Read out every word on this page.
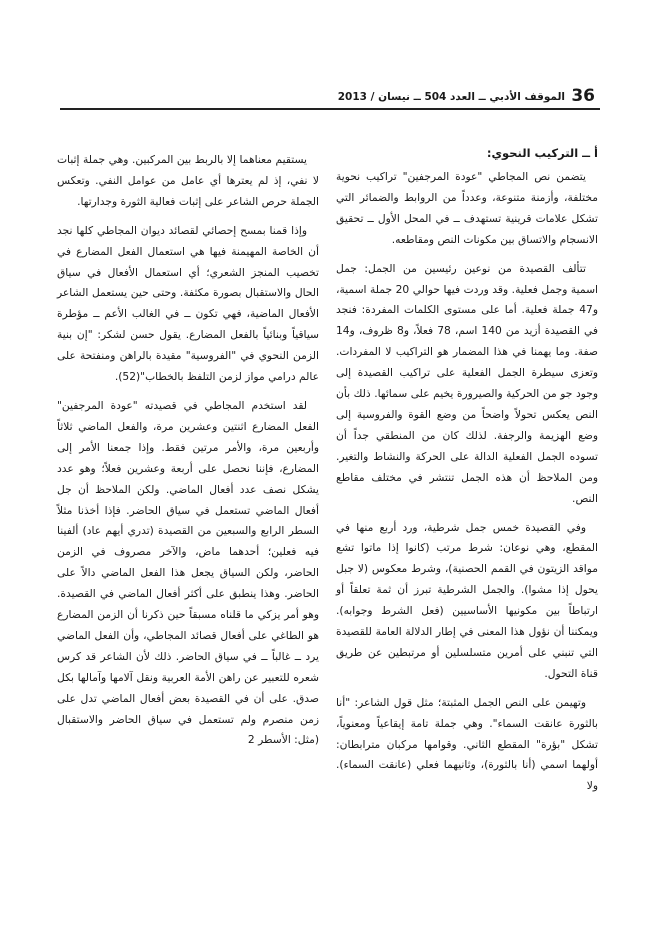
الموقف الأدبي ــ العدد 504 ــ نيسان / 2013 36
أ ــ التركيب النحوي:

يتضمن نص المجاطي "عودة المرجفين" تراكيب نحوية مختلفة، وأزمنة متنوعة، وعدداً من الروابط والضمائر التي تشكل علامات قرينية تستهدف ــ في المحل الأول ــ تحقيق الانسجام والاتساق بين مكونات النص ومقاطعه.

تتألف القصيدة من نوعين رئيسين من الجمل: جمل اسمية وجمل فعلية. وقد وردت فيها حوالي 20 جملة اسمية، و47 جملة فعلية. أما على مستوى الكلمات المفردة: فنجد في القصيدة أزيد من 140 اسم، 78 فعلاً، و8 ظروف، و14 صفة. وما يهمنا في هذا المضمار هو التراكيب لا المفردات. وتعزى سيطرة الجمل الفعلية على تراكيب القصيدة إلى وجود جو من الحركية والصيرورة يخيم على سمائها. ذلك بأن النص يعكس تحولاً واضحاً من وضع القوة والفروسية إلى وضع الهزيمة والرجفة. لذلك كان من المنطقي جداً أن تسوده الجمل الفعلية الدالة على الحركة والنشاط والتغير. ومن الملاحظ أن هذه الجمل تنتشر في مختلف مقاطع النص.

وفي القصيدة خمس جمل شرطية، ورد أربع منها في المقطع، وهي نوعان: شرط مرتب (كانوا إذا ماتوا تشع مواقد الزيتون في القمم الحصنية)، وشرط معكوس (لا جبل يحول إذا مشوا). والجمل الشرطية تبرز أن ثمة تعلقاً أو ارتباطاً بين مكونيها الأساسيين (فعل الشرط وجوابه). ويمكننا أن نؤول هذا المعنى في إطار الدلالة العامة للقصيدة التي تنبني على أمرين متسلسلين أو مرتبطين عن طريق قناة التحول.

وتهيمن على النص الجمل المثبتة؛ مثل قول الشاعر: "أنا بالثورة عانقت السماء". وهي جملة تامة إيقاعياً ومعنوياً، تشكل "بؤرة" المقطع الثاني. وقوامها مركبان مترابطان: أولهما اسمي (أنا بالثورة)، وثانيهما فعلي (عانقت السماء). ولا

يستقيم معناهما إلا بالربط بين المركبين. وهي جملة إثبات لا نفي، إذ لم يعترها أي عامل من عوامل النفي. وتعكس الجملة حرص الشاعر على إثبات فعالية الثورة وجدارتها.

وإذا قمنا بمسح إحصائي لقصائد ديوان المجاطي كلها نجد أن الخاصة المهيمنة فيها هي استعمال الفعل المضارع في تخصيب المنجز الشعري؛ أي استعمال الأفعال في سياق الحال والاستقبال بصورة مكثفة. وحتى حين يستعمل الشاعر الأفعال الماضية، فهي تكون ــ في الغالب الأعم ــ مؤطرة سياقياً وبنائياً بالفعل المضارع. يقول حسن لشكر: "إن بنية الزمن النحوي في "الفروسية" مقيدة بالراهن ومنفتحة على عالم درامي مواز لزمن التلفظ بالخطاب"(52).

لقد استخدم المجاطي في قصيدته "عودة المرجفين" الفعل المضارع اثنتين وعشرين مرة، والفعل الماضي ثلاثاً وأربعين مرة، والأمر مرتين فقط. وإذا جمعنا الأمر إلى المضارع، فإننا نحصل على أربعة وعشرين فعلاً؛ وهو عدد يشكل نصف عدد أفعال الماضي. ولكن الملاحظ أن جل أفعال الماضي تستعمل في سياق الحاضر. فإذا أخذنا مثلاً السطر الرابع والسبعين من القصيدة (تدري أيهم عاد) ألفينا فيه فعلين؛ أحدهما ماض، والآخر مصروف في الزمن الحاضر، ولكن السياق يجعل هذا الفعل الماضي دالاً على الحاضر. وهذا ينطبق على أكثر أفعال الماضي في القصيدة. وهو أمر يزكي ما قلناه مسبقاً حين ذكرنا أن الزمن المضارع هو الطاغي على أفعال قصائد المجاطي، وأن الفعل الماضي يرد ــ غالباً ــ في سياق الحاضر. ذلك لأن الشاعر قد كرس شعره للتعبير عن راهن الأمة العربية ونقل آلامها وآمالها بكل صدق. على أن في القصيدة بعض أفعال الماضي تدل على زمن منصرم ولم تستعمل في سياق الحاضر والاستقبال (مثل: الأسطر 2
